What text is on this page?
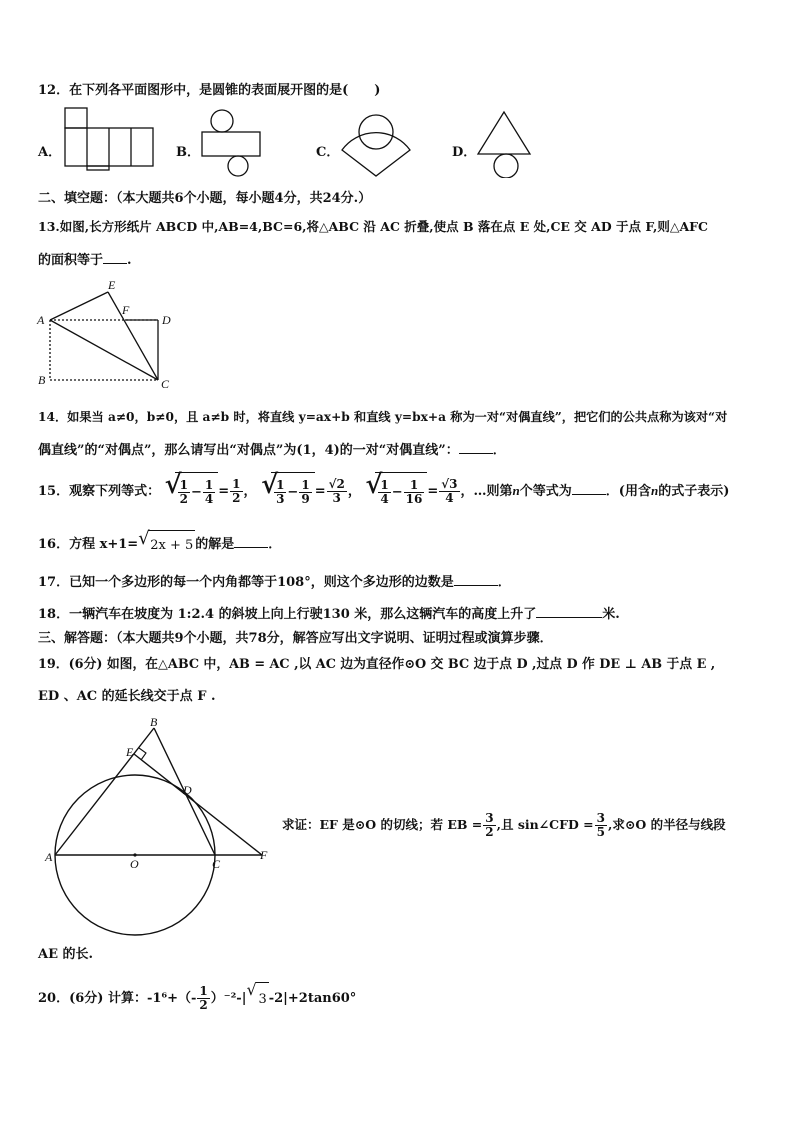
12．在下列各平面图形中，是圆锥的表面展开图的是(　　)
A．	B．	C．	D．
二、填空题：（本大题共6个小题，每小题4分，共24分.）
13.如图,长方形纸片 ABCD 中,AB=4,BC=6,将△ABC 沿 AC 折叠,使点 B 落在点 E 处,CE 交 AD 于点 F,则△AFC
的面积等于 .
A
B	C
D
E
F
14．如果当 a≠0，b≠0，且 a≠b 时，将直线 y=ax+b 和直线 y=bx+a 称为一对“对偶直线”，把它们的公共点称为该对“对
偶直线”的“对偶点”，那么请写出“对偶点”为(1，4)的一对“对偶直线”：	．
15．观察下列等式： √
$\frac{1}{2} - \frac{1}{4} = \frac{1}{2}$ ， √
$\frac{1}{3} - \frac{1}{9} = \frac{√2}{3}$ ， √
$\frac{1}{4} - \frac{1}{16} = \frac{√3}{4}$ ，…则第n个等式为	．(用含n的式子表示)
16．方程 x+1= √ 2x + 5 的解是	．
17．已知一个多边形的每一个内角都等于108°，则这个多边形的边数是	．
18．一辆汽车在坡度为 1:2.4 的斜坡上向上行驶130 米，那么这辆汽车的高度上升了	米.
三、解答题：（本大题共9个小题，共78分，解答应写出文字说明、证明过程或演算步骤．
19．(6分) 如图，在△ABC 中，AB = AC ,以 AC 边为直径作⊙O 交 BC 边于点 D ,过点 D 作 DE ⊥ AB 于点 E ,
ED 、AC 的延长线交于点 F .
A
B
C
D
E
F
O
求证：EF 是⊙O 的切线；若 EB = $\frac{3}{2}$ ,且 sin∠CFD = $\frac{3}{5}$ ,求⊙O 的半径与线段
AE 的长.
20．(6分) 计算：$-1^6+(- \frac{1}{2} )^{-2}-|$ √
3 -2|+2tan60°
